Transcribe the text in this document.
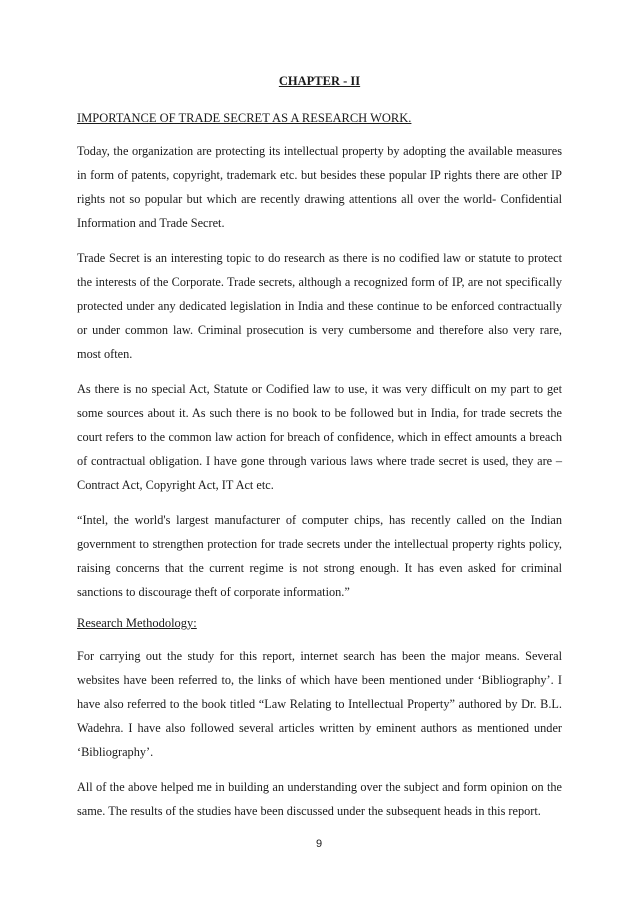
CHAPTER - II
IMPORTANCE OF TRADE SECRET AS A RESEARCH WORK.

Today, the organization are protecting its intellectual property by adopting the available measures in form of patents, copyright, trademark etc. but besides these popular IP rights there are other IP rights not so popular but which are recently drawing attentions all over the world- Confidential Information and Trade Secret.

Trade Secret is an interesting topic to do research as there is no codified law or statute to protect the interests of the Corporate. Trade secrets, although a recognized form of IP, are not specifically protected under any dedicated legislation in India and these continue to be enforced contractually or under common law. Criminal prosecution is very cumbersome and therefore also very rare, most often.

As there is no special Act, Statute or Codified law to use, it was very difficult on my part to get some sources about it. As such there is no book to be followed but in India, for trade secrets the court refers to the common law action for breach of confidence, which in effect amounts a breach of contractual obligation. I have gone through various laws where trade secret is used, they are – Contract Act, Copyright Act, IT Act etc.

“Intel, the world's largest manufacturer of computer chips, has recently called on the Indian government to strengthen protection for trade secrets under the intellectual property rights policy, raising concerns that the current regime is not strong enough. It has even asked for criminal sanctions to discourage theft of corporate information.”

Research Methodology:

For carrying out the study for this report, internet search has been the major means. Several websites have been referred to, the links of which have been mentioned under ‘Bibliography’. I have also referred to the book titled “Law Relating to Intellectual Property” authored by Dr. B.L. Wadehra. I have also followed several articles written by eminent authors as mentioned under ‘Bibliography’.

All of the above helped me in building an understanding over the subject and form opinion on the same. The results of the studies have been discussed under the subsequent heads in this report.

9
